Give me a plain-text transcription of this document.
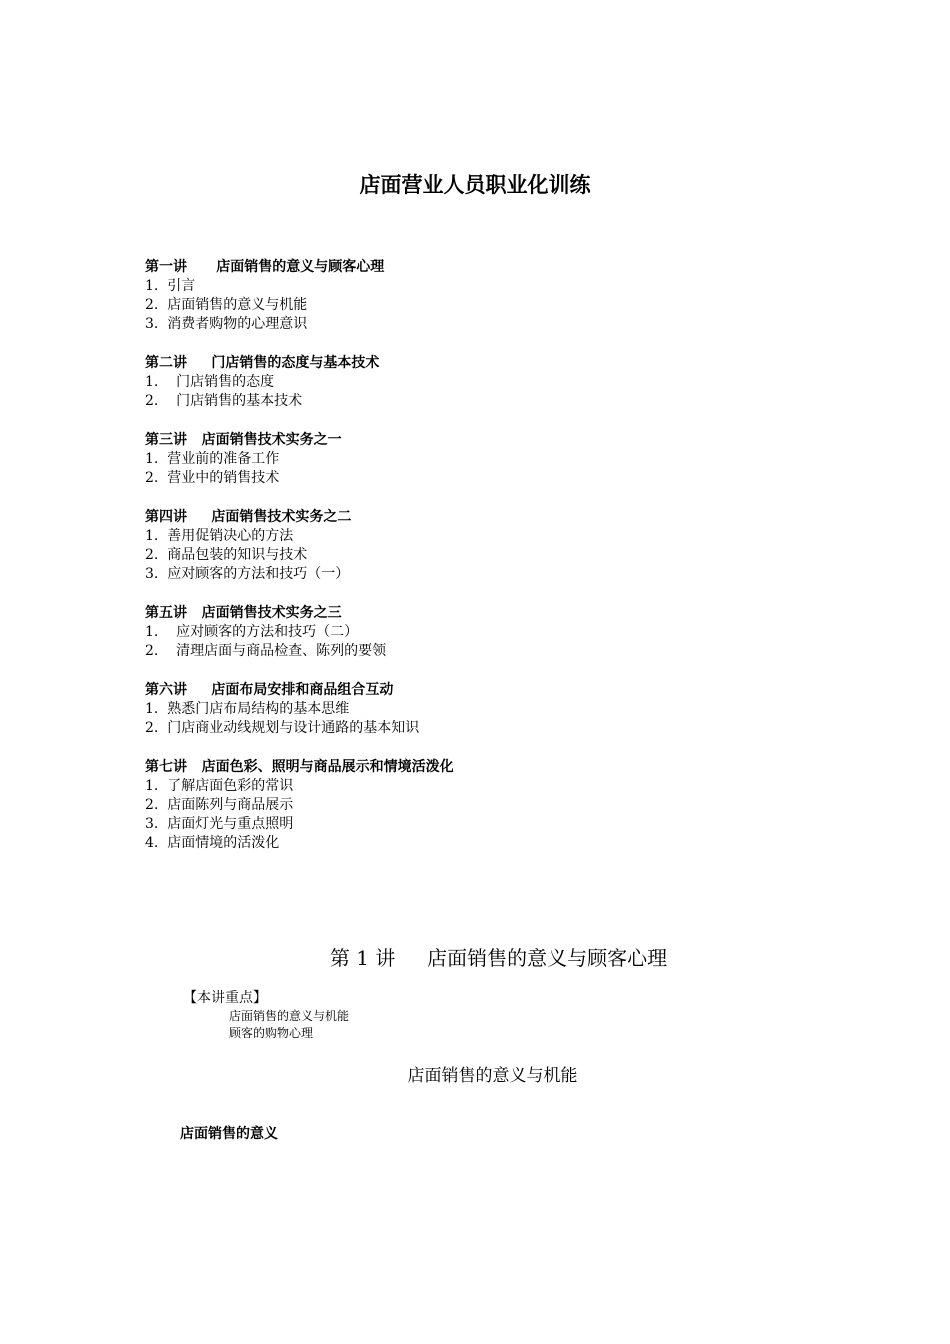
店面营业人员职业化训练
第一讲      店面销售的意义与顾客心理
1.  引言
2.  店面销售的意义与机能
3.  消费者购物的心理意识
第二讲     门店销售的态度与基本技术
1.    门店销售的态度
2.    门店销售的基本技术
第三讲   店面销售技术实务之一
1.  营业前的准备工作
2.  营业中的销售技术
第四讲     店面销售技术实务之二
1.  善用促销决心的方法
2.  商品包装的知识与技术
3.  应对顾客的方法和技巧（一）
第五讲   店面销售技术实务之三
1.    应对顾客的方法和技巧（二）
2.    清理店面与商品检查、陈列的要领
第六讲     店面布局安排和商品组合互动
1.  熟悉门店布局结构的基本思维
2.  门店商业动线规划与设计通路的基本知识
第七讲   店面色彩、照明与商品展示和情境活泼化
1.  了解店面色彩的常识
2.  店面陈列与商品展示
3.  店面灯光与重点照明
4.  店面情境的活泼化
第 1 讲     店面销售的意义与顾客心理
【本讲重点】
店面销售的意义与机能
顾客的购物心理
店面销售的意义与机能
店面销售的意义
